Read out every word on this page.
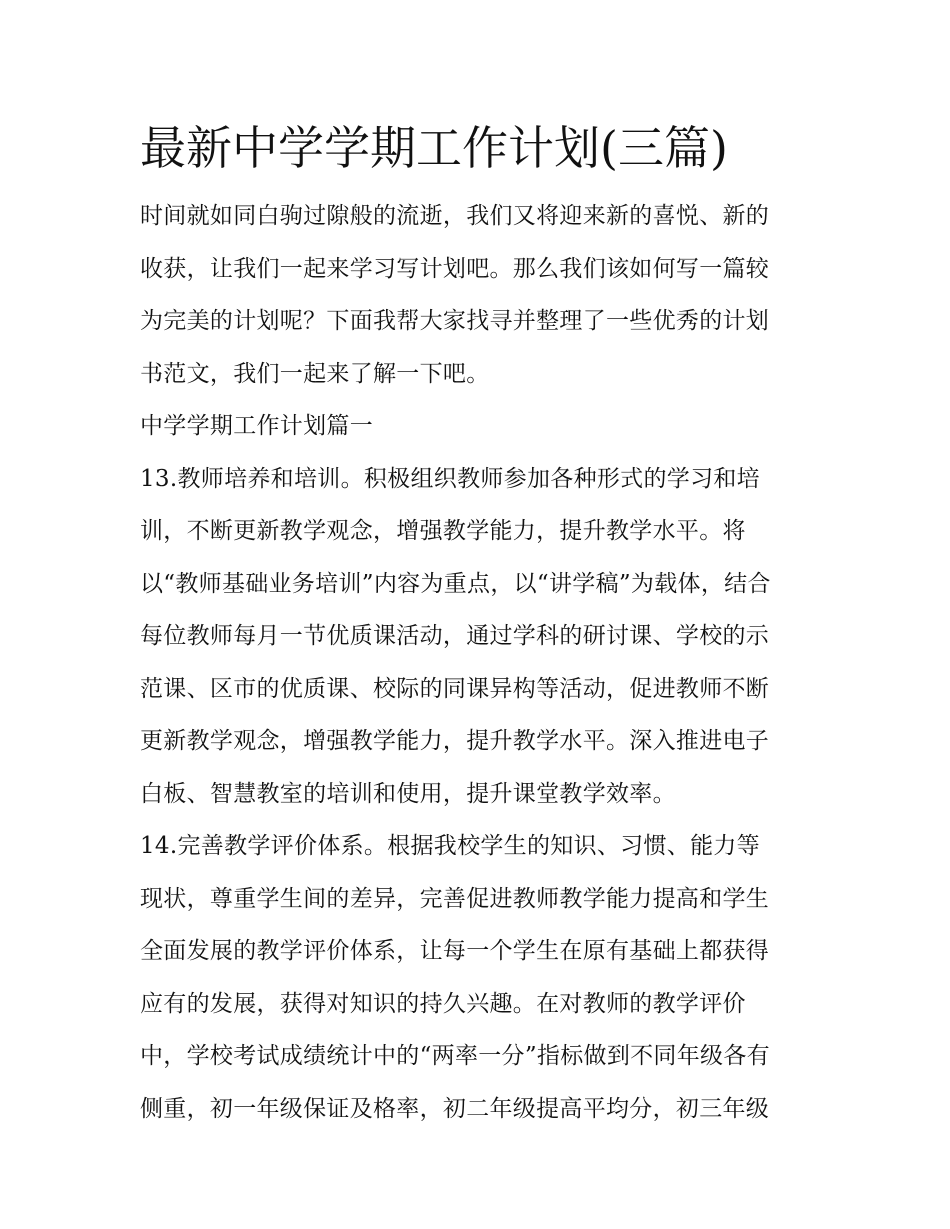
最新中学学期工作计划(三篇)
时间就如同白驹过隙般的流逝，我们又将迎来新的喜悦、新的
收获，让我们一起来学习写计划吧。那么我们该如何写一篇较
为完美的计划呢？下面我帮大家找寻并整理了一些优秀的计划
书范文，我们一起来了解一下吧。
中学学期工作计划篇一
13.教师培养和培训。积极组织教师参加各种形式的学习和培
训，不断更新教学观念，增强教学能力，提升教学水平。将
以“教师基础业务培训”内容为重点，以“讲学稿”为载体，结合
每位教师每月一节优质课活动，通过学科的研讨课、学校的示
范课、区市的优质课、校际的同课异构等活动，促进教师不断
更新教学观念，增强教学能力，提升教学水平。深入推进电子
白板、智慧教室的培训和使用，提升课堂教学效率。
14.完善教学评价体系。根据我校学生的知识、习惯、能力等
现状，尊重学生间的差异，完善促进教师教学能力提高和学生
全面发展的教学评价体系，让每一个学生在原有基础上都获得
应有的发展，获得对知识的持久兴趣。在对教师的教学评价
中，学校考试成绩统计中的“两率一分”指标做到不同年级各有
侧重，初一年级保证及格率，初二年级提高平均分，初三年级
